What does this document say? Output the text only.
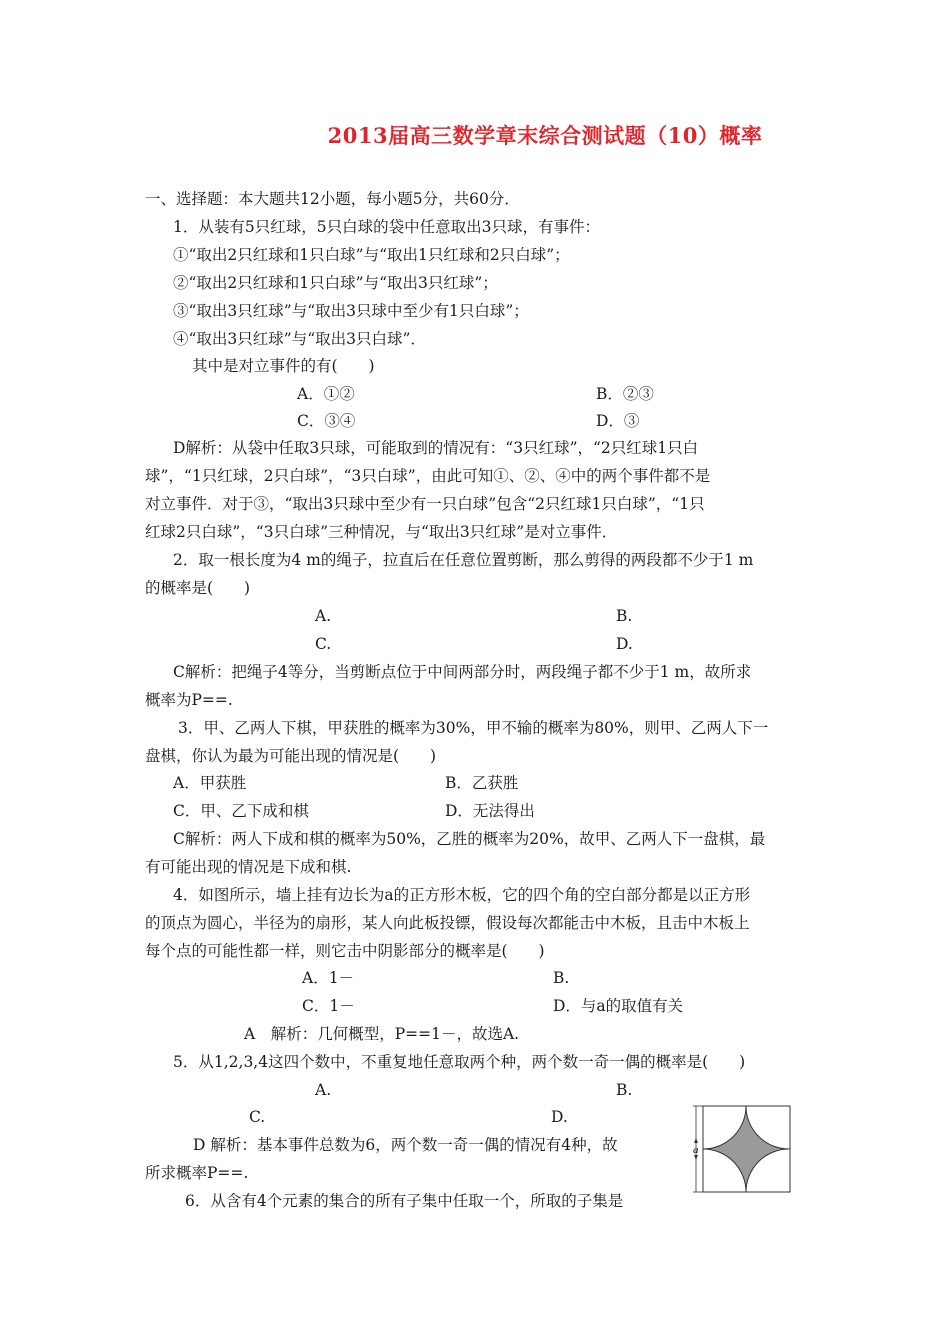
2013届高三数学章末综合测试题（10）概率
一、选择题：本大题共12小题，每小题5分，共60分．
1．从装有5只红球，5只白球的袋中任意取出3只球，有事件：
①“取出2只红球和1只白球”与“取出1只红球和2只白球”；
②“取出2只红球和1只白球”与“取出3只红球”；
③“取出3只红球”与“取出3只球中至少有1只白球”；
④“取出3只红球”与“取出3只白球”．
其中是对立事件的有(　　)
A．①②	B．②③
C．③④	D．③
D解析：从袋中任取3只球，可能取到的情况有：“3只红球”，“2只红球1只白
球”，“1只红球，2只白球”，“3只白球”，由此可知①、②、④中的两个事件都不是
对立事件．对于③，“取出3只球中至少有一只白球”包含“2只红球1只白球”，“1只
红球2只白球”，“3只白球”三种情况，与“取出3只红球”是对立事件．
2．取一根长度为4 m的绳子，拉直后在任意位置剪断，那么剪得的两段都不少于1 m
的概率是(　　)
A.	B.
C.	D.
C解析：把绳子4等分，当剪断点位于中间两部分时，两段绳子都不少于1 m，故所求
概率为P==.
3．甲、乙两人下棋，甲获胜的概率为30%，甲不输的概率为80%，则甲、乙两人下一
盘棋，你认为最为可能出现的情况是(　　)
A．甲获胜	B．乙获胜
C．甲、乙下成和棋	D．无法得出
C解析：两人下成和棋的概率为50%，乙胜的概率为20%，故甲、乙两人下一盘棋，最
有可能出现的情况是下成和棋.
4．如图所示，墙上挂有边长为a的正方形木板，它的四个角的空白部分都是以正方形
的顶点为圆心，半径为的扇形，某人向此板投镖，假设每次都能击中木板，且击中木板上
每个点的可能性都一样，则它击中阴影部分的概率是(　　)
A．1－	B.
C．1－	D．与a的取值有关
A　解析：几何概型，P==1－，故选A.
5．从1,2,3,4这四个数中，不重复地任意取两个种，两个数一奇一偶的概率是(　　)
A.	B.
C.	D.
D 解析：基本事件总数为6，两个数一奇一偶的情况有4种，故
所求概率P==.
6．从含有4个元素的集合的所有子集中任取一个，所取的子集是
a
